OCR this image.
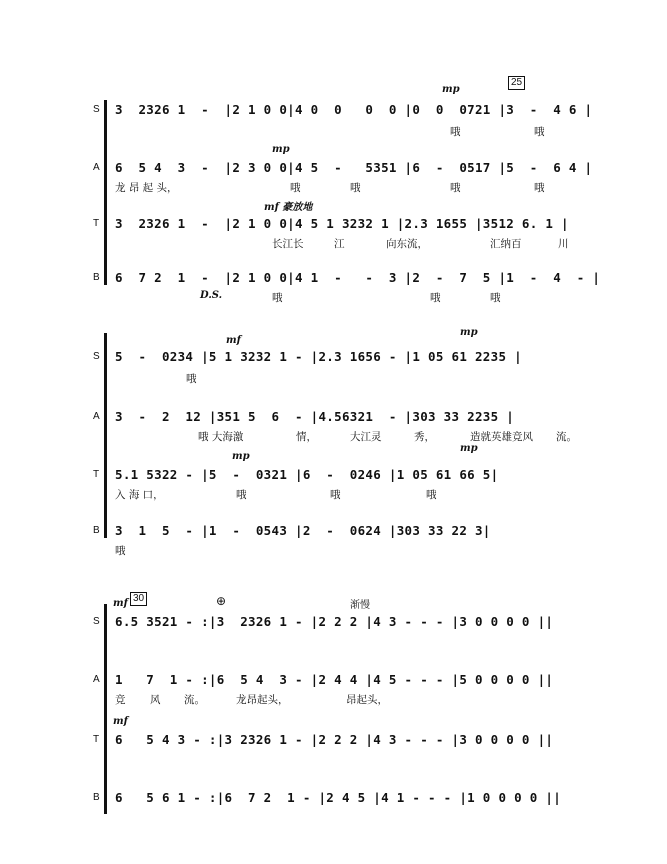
25
mp
S 3  2326 1  -  |2 1 0 0|4 0  0   0  0 |0  0  0721 |3  -  4 6 |
哦	哦
mp
A 6  5 4  3  -  |2 3 0 0|4 5  -   5351 |6  -  0517 |5  -  6 4 |
龙 昂 起 头，	哦	哦	哦	哦
mf 豪放地
T 3  2326 1  -  |2 1 0 0|4 5 1 3232 1 |2.3 1655 |3512 6. 1 |
长江长	江	向东流，	汇纳百	川
B 6  7 2  1  -  |2 1 0 0|4 1  -   -  3 |2  -  7  5 |1  -  4  - |
D.S.	哦	哦	哦
mf
mp
S 5  -  0234 |5 1 3232 1 - |2.3 1656 - |1 05 61 2235 |
哦
A 3  -  2  12 |351 5  6  - |4.56321  - |303 33 2235 |
哦 大海激	情，	大江灵	秀，	造就英雄竞风 流。
mp
mp
T 5.1 5322 - |5  -  0321 |6  -  0246 |1 05 61 66 5|
入 海 口，	哦	哦	哦
B 3  1  5  - |1  -  0543 |2  -  0624 |303 33 22 3|
哦
30
mf	渐慢
⊕
S 6.5 3521 - :|3  2326 1 - |2 2 2 |4 3 - - - |3 0 0 0 0 ||
A 1   7  1 - :|6  5 4  3 - |2 4 4 |4 5 - - - |5 0 0 0 0 ||
竞 风 流。	龙昂起头，	昂起头，
mf
T 6   5 4 3 - :|3 2326 1 - |2 2 2 |4 3 - - - |3 0 0 0 0 ||
B 6   5 6 1 - :|6  7 2  1 - |2 4 5 |4 1 - - - |1 0 0 0 0 ||
